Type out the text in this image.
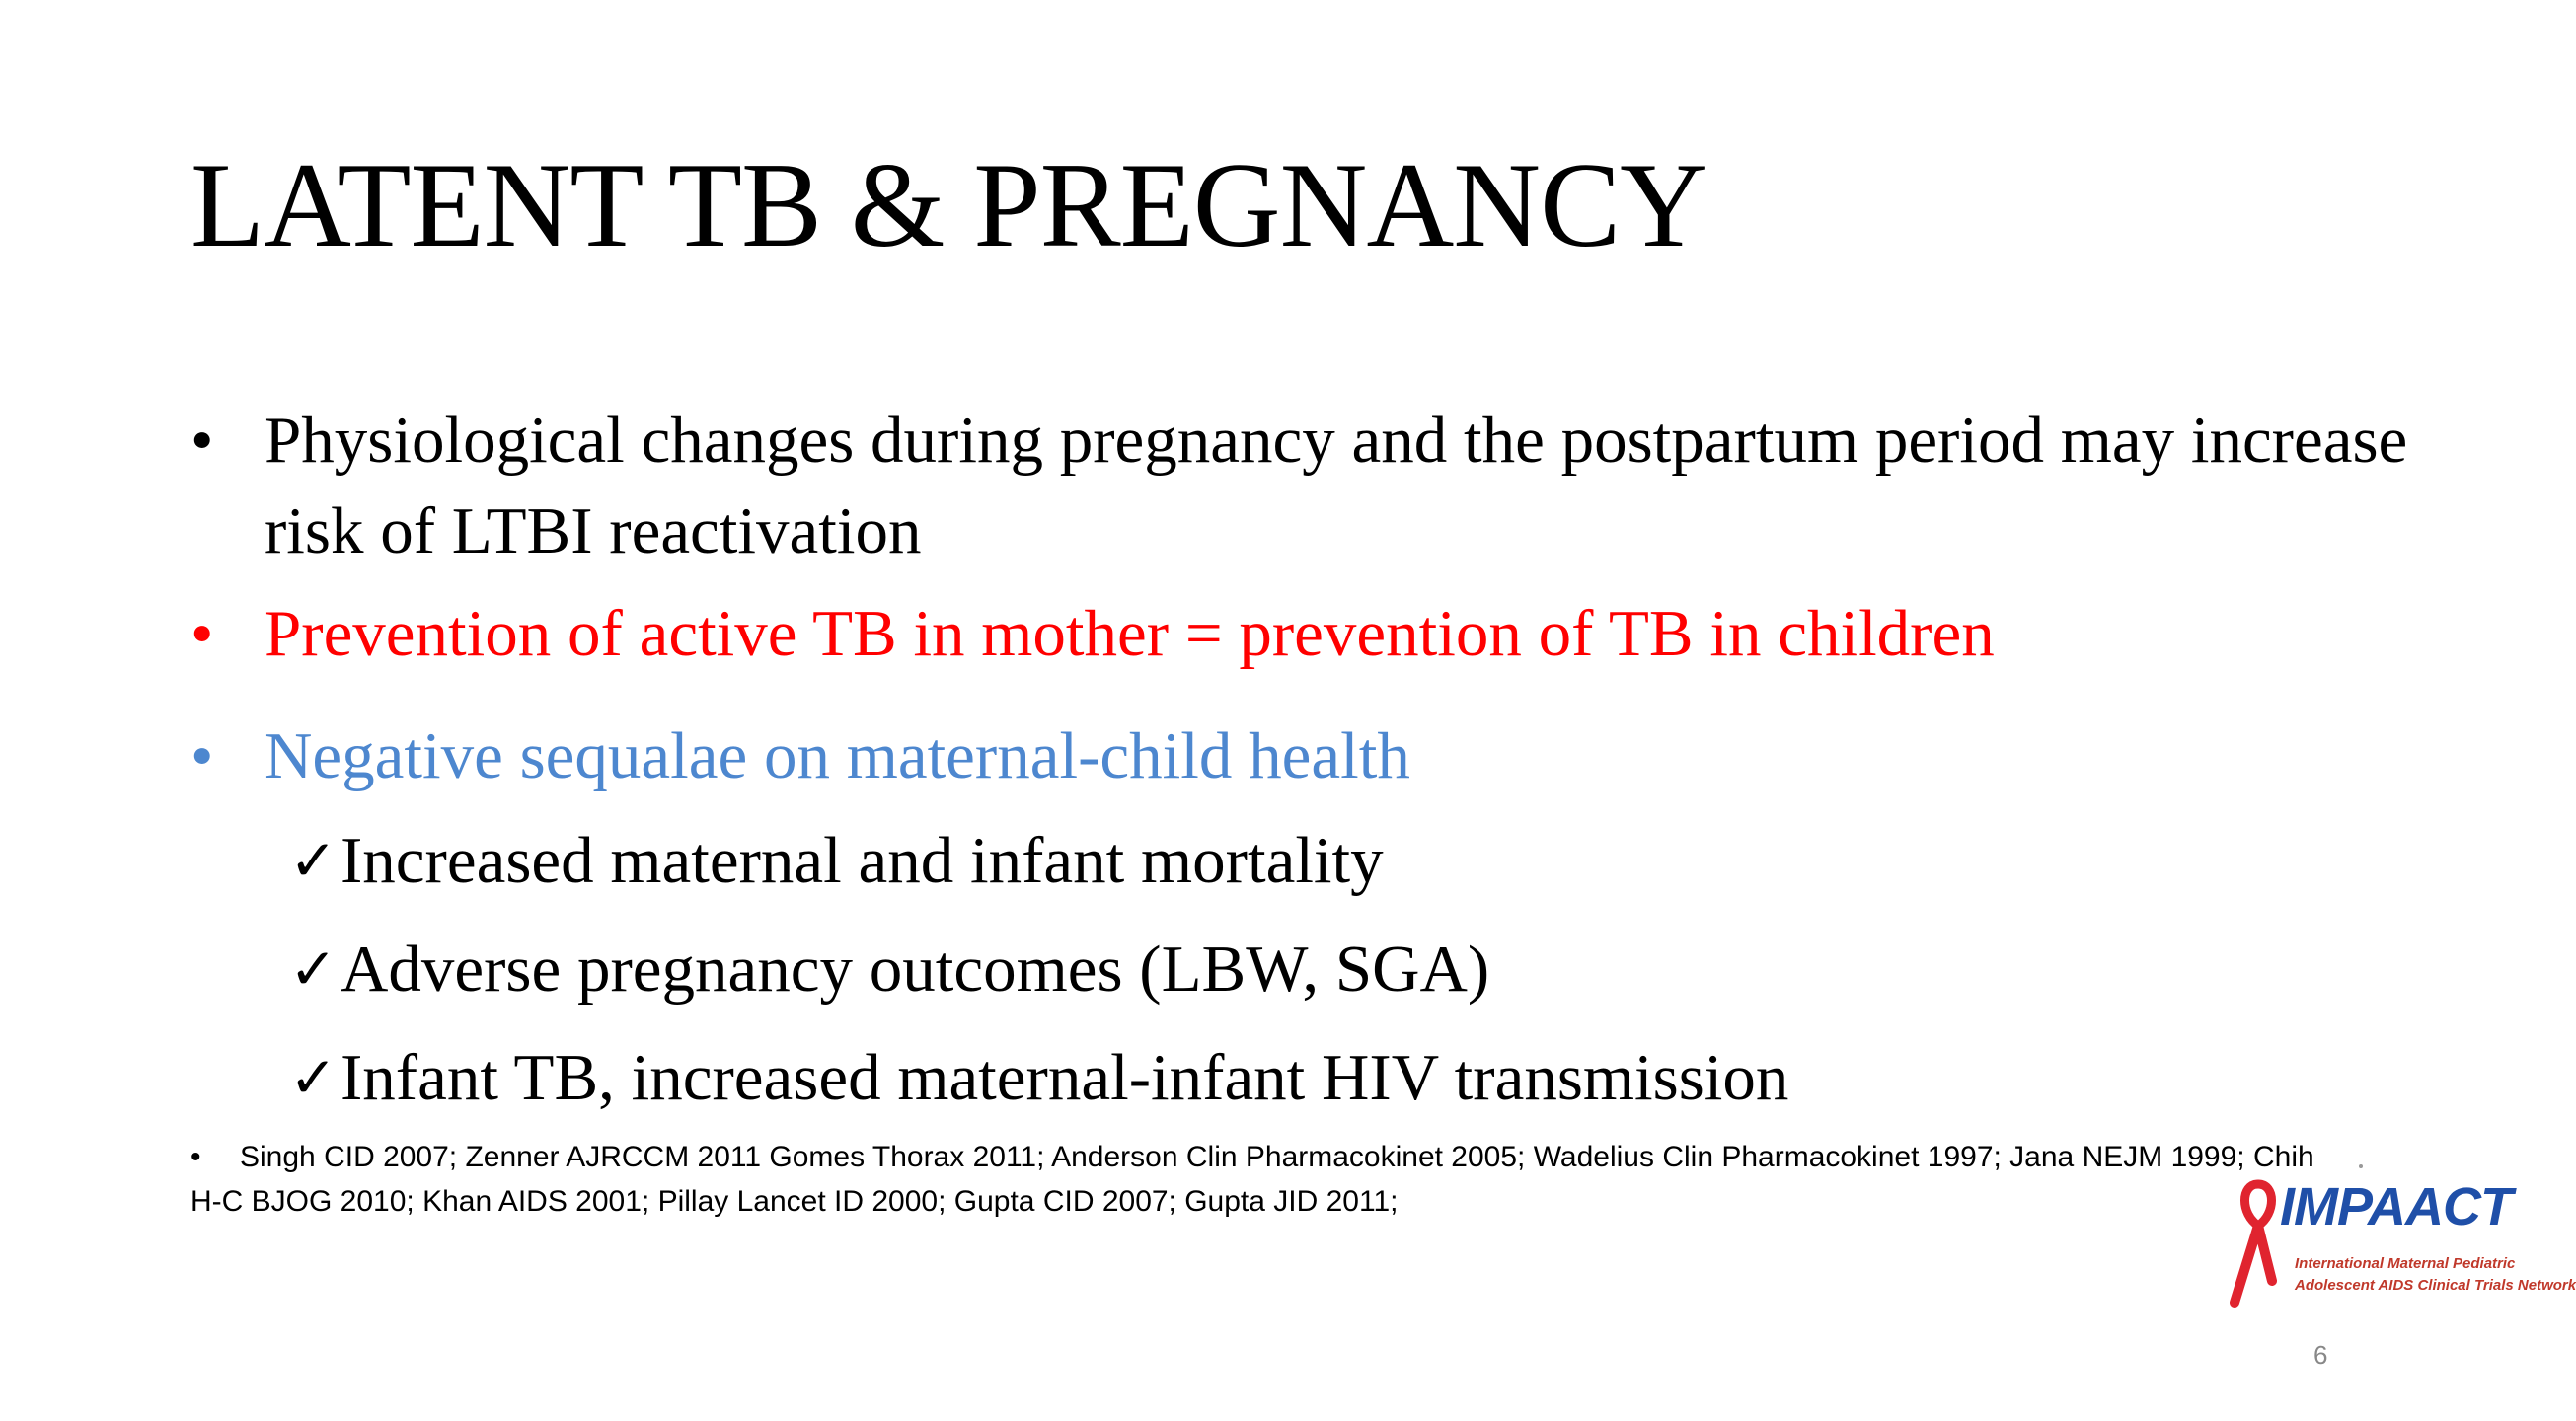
LATENT TB & PREGNANCY
• Physiological changes during pregnancy and the postpartum period may increase risk of LTBI reactivation
• Prevention of active TB in mother = prevention of TB in children
• Negative sequalae on maternal-child health
✓ Increased maternal and infant mortality
✓ Adverse pregnancy outcomes (LBW, SGA)
✓ Infant TB, increased maternal-infant HIV transmission
• Singh CID 2007; Zenner AJRCCM 2011 Gomes Thorax 2011; Anderson Clin Pharmacokinet 2005; Wadelius Clin Pharmacokinet 1997; Jana NEJM 1999; Chih H-C BJOG 2010; Khan AIDS 2001; Pillay Lancet ID 2000; Gupta CID 2007; Gupta JID 2011;	IMPAACT
International Maternal Pediatric
Adolescent AIDS Clinical Trials Network
6
